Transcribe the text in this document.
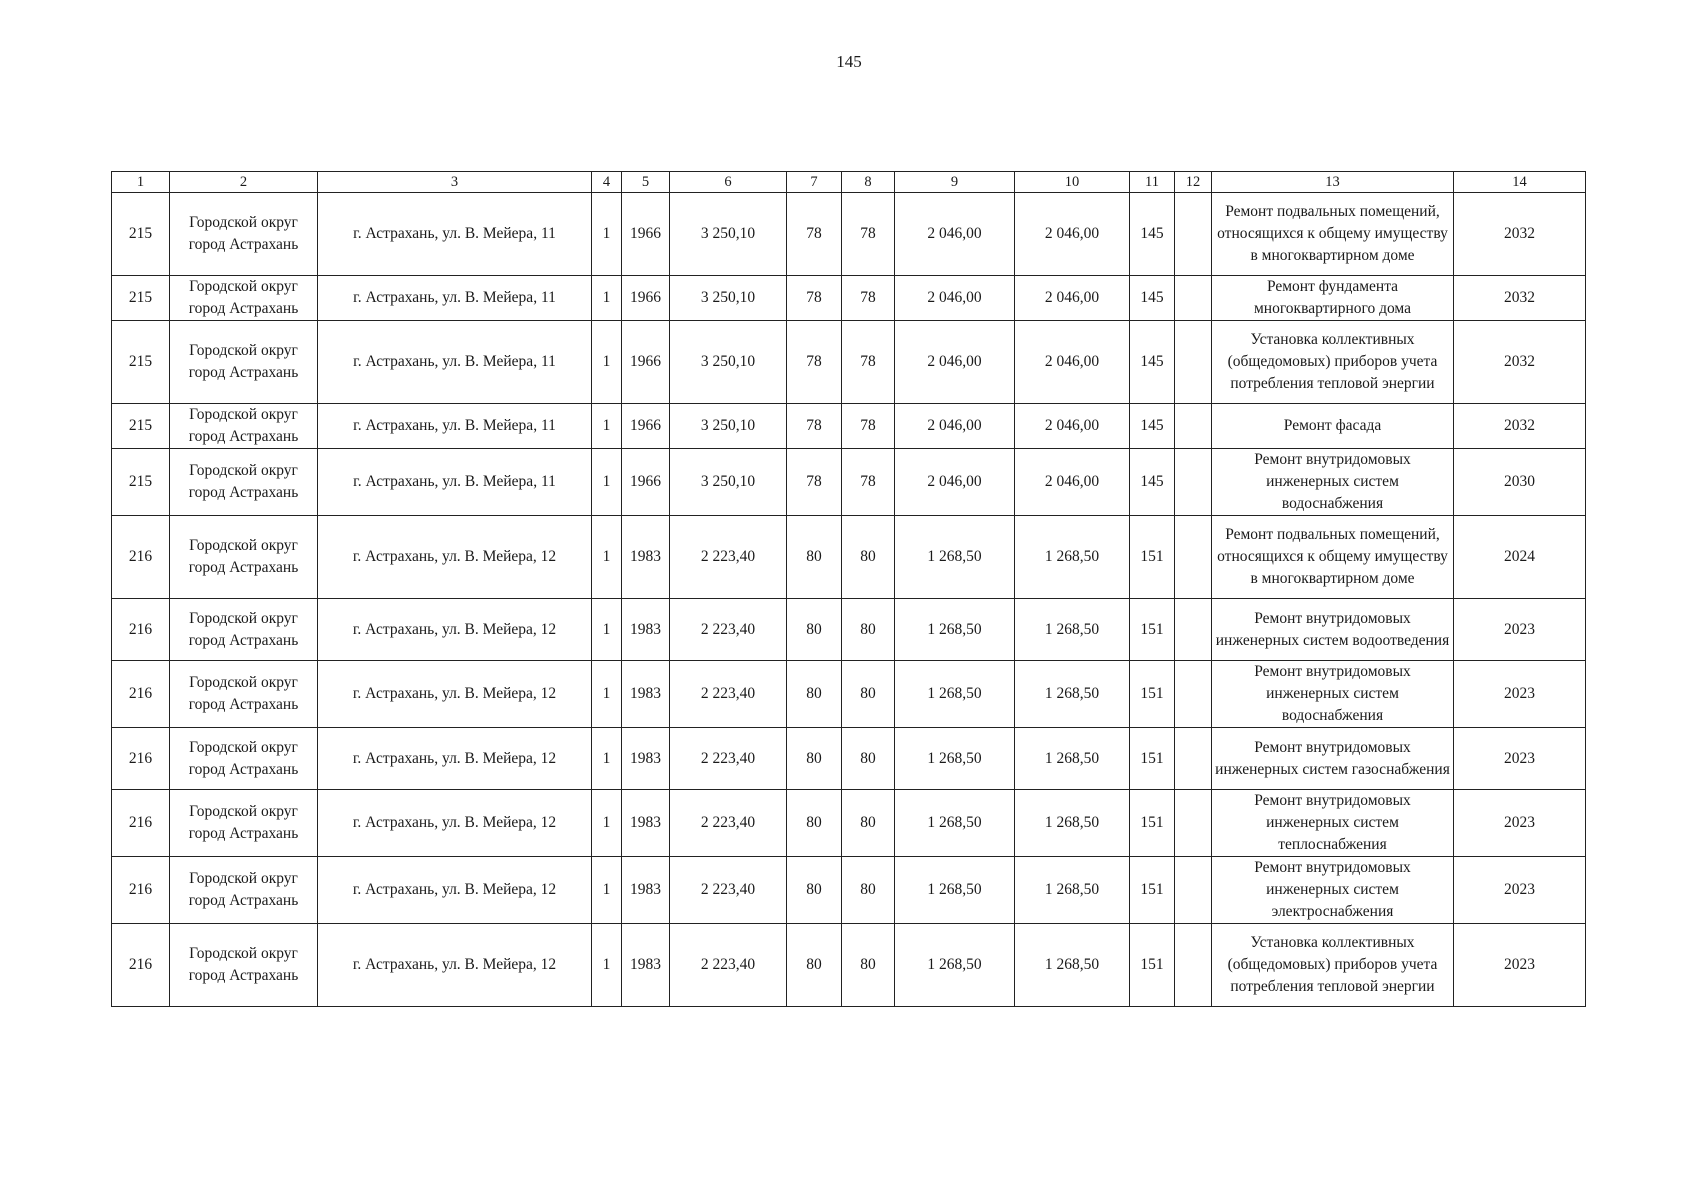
145
1	2	3	4	5	6	7	8	9	10	11	12	13	14
215	Городской округ город Астрахань	г. Астрахань, ул. В. Мейера, 11	1	1966	3 250,10	78	78	2 046,00	2 046,00	145		Ремонт подвальных помещений, относящихся к общему имуществу в многоквартирном доме	2032
215	Городской округ город Астрахань	г. Астрахань, ул. В. Мейера, 11	1	1966	3 250,10	78	78	2 046,00	2 046,00	145		Ремонт фундамента многоквартирного дома	2032
215	Городской округ город Астрахань	г. Астрахань, ул. В. Мейера, 11	1	1966	3 250,10	78	78	2 046,00	2 046,00	145		Установка коллективных (общедомовых) приборов учета потребления тепловой энергии	2032
215	Городской округ город Астрахань	г. Астрахань, ул. В. Мейера, 11	1	1966	3 250,10	78	78	2 046,00	2 046,00	145		Ремонт фасада	2032
215	Городской округ город Астрахань	г. Астрахань, ул. В. Мейера, 11	1	1966	3 250,10	78	78	2 046,00	2 046,00	145		Ремонт внутридомовых инженерных систем водоснабжения	2030
216	Городской округ город Астрахань	г. Астрахань, ул. В. Мейера, 12	1	1983	2 223,40	80	80	1 268,50	1 268,50	151		Ремонт подвальных помещений, относящихся к общему имуществу в многоквартирном доме	2024
216	Городской округ город Астрахань	г. Астрахань, ул. В. Мейера, 12	1	1983	2 223,40	80	80	1 268,50	1 268,50	151		Ремонт внутридомовых инженерных систем водоотведения	2023
216	Городской округ город Астрахань	г. Астрахань, ул. В. Мейера, 12	1	1983	2 223,40	80	80	1 268,50	1 268,50	151		Ремонт внутридомовых инженерных систем водоснабжения	2023
216	Городской округ город Астрахань	г. Астрахань, ул. В. Мейера, 12	1	1983	2 223,40	80	80	1 268,50	1 268,50	151		Ремонт внутридомовых инженерных систем газоснабжения	2023
216	Городской округ город Астрахань	г. Астрахань, ул. В. Мейера, 12	1	1983	2 223,40	80	80	1 268,50	1 268,50	151		Ремонт внутридомовых инженерных систем теплоснабжения	2023
216	Городской округ город Астрахань	г. Астрахань, ул. В. Мейера, 12	1	1983	2 223,40	80	80	1 268,50	1 268,50	151		Ремонт внутридомовых инженерных систем электроснабжения	2023
216	Городской округ город Астрахань	г. Астрахань, ул. В. Мейера, 12	1	1983	2 223,40	80	80	1 268,50	1 268,50	151		Установка коллективных (общедомовых) приборов учета потребления тепловой энергии	2023
